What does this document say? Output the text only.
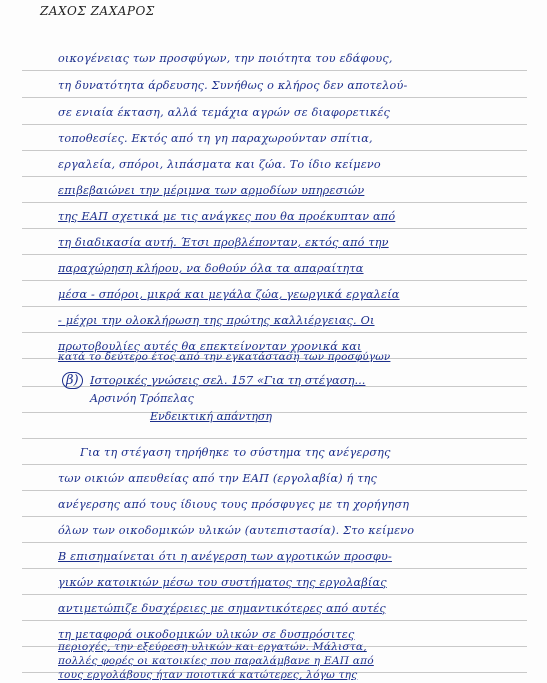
ΖΑΧΟΣ ΖΑΧΑΡΟΣ
οικογένειας των προσφύγων, την ποιότητα του εδάφους,
τη δυνατότητα άρδευσης. Συνήθως ο κλήρος δεν αποτελού-
σε ενιαία έκταση, αλλά τεμάχια αγρών σε διαφορετικές
τοποθεσίες. Εκτός από τη γη παραχωρούνταν σπίτια,
εργαλεία, σπόροι, λιπάσματα και ζώα. Το ίδιο κείμενο
επιβεβαιώνει την μέριμνα των αρμοδίων υπηρεσιών
της ΕΑΠ σχετικά με τις ανάγκες που θα προέκυπταν από
τη διαδικασία αυτή. Έτσι προβλέπονταν, εκτός από την
παραχώρηση κλήρου, να δοθούν όλα τα απαραίτητα
μέσα - σπόροι, μικρά και μεγάλα ζώα, γεωργικά εργαλεία
- μέχρι την ολοκλήρωση της πρώτης καλλιέργειας. Οι
πρωτοβουλίες αυτές θα επεκτείνονταν χρονικά και
κατά το δεύτερο έτος από την εγκατάσταση των προσφύγων
β) Ιστορικές γνώσεις σελ. 157 «Για τη στέγαση...
Αρσινόη Τρόπελας
Ενδεικτική απάντηση
Για τη στέγαση τηρήθηκε το σύστημα της ανέγερσης
των οικιών απευθείας από την ΕΑΠ (εργολαβία) ή της
ανέγερσης από τους ίδιους τους πρόσφυγες με τη χορήγηση
όλων των οικοδομικών υλικών (αυτεπιστασία). Στο κείμενο
Β επισημαίνεται ότι η ανέγερση των αγροτικών προσφυ-
γικών κατοικιών μέσω του συστήματος της εργολαβίας
αντιμετώπιζε δυσχέρειες με σημαντικότερες από αυτές
τη μεταφορά οικοδομικών υλικών σε δυσπρόσιτες
περιοχές, την εξεύρεση υλικών και εργατών. Μάλιστα,
πολλές φορές οι κατοικίες που παραλάμβανε η ΕΑΠ από
τους εργολάβους ήταν ποιοτικά κατώτερες, λόγω της
